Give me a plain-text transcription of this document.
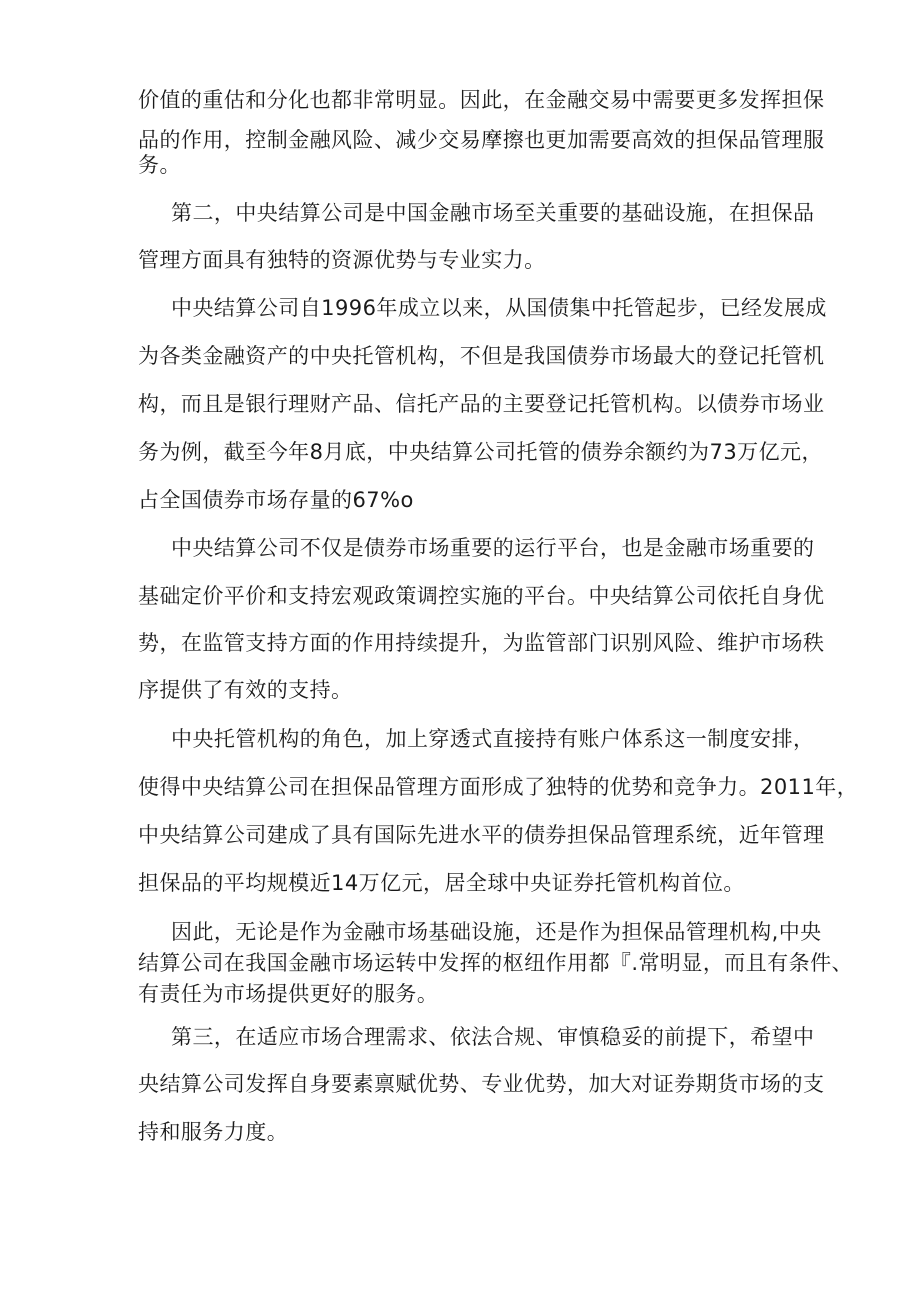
价值的重估和分化也都非常明显。因此，在金融交易中需要更多发挥担保

品的作用，控制金融风险、减少交易摩擦也更加需要高效的担保品管理服

务。

第二，中央结算公司是中国金融市场至关重要的基础设施，在担保品

管理方面具有独特的资源优势与专业实力。

中央结算公司自1996年成立以来，从国债集中托管起步，已经发展成

为各类金融资产的中央托管机构，不但是我国债券市场最大的登记托管机

构，而且是银行理财产品、信托产品的主要登记托管机构。以债券市场业

务为例，截至今年8月底，中央结算公司托管的债券余额约为73万亿元，

占全国债券市场存量的67%o

中央结算公司不仅是债券市场重要的运行平台，也是金融市场重要的

基础定价平价和支持宏观政策调控实施的平台。中央结算公司依托自身优

势，在监管支持方面的作用持续提升，为监管部门识别风险、维护市场秩

序提供了有效的支持。

中央托管机构的角色，加上穿透式直接持有账户体系这一制度安排，

使得中央结算公司在担保品管理方面形成了独特的优势和竞争力。2011年，

中央结算公司建成了具有国际先进水平的债券担保品管理系统，近年管理

担保品的平均规模近14万亿元，居全球中央证券托管机构首位。

因此，无论是作为金融市场基础设施，还是作为担保品管理机构,中央

结算公司在我国金融市场运转中发挥的枢纽作用都『.常明显，而且有条件、

有责任为市场提供更好的服务。

第三，在适应市场合理需求、依法合规、审慎稳妥的前提下，希望中

央结算公司发挥自身要素禀赋优势、专业优势，加大对证券期货市场的支

持和服务力度。
